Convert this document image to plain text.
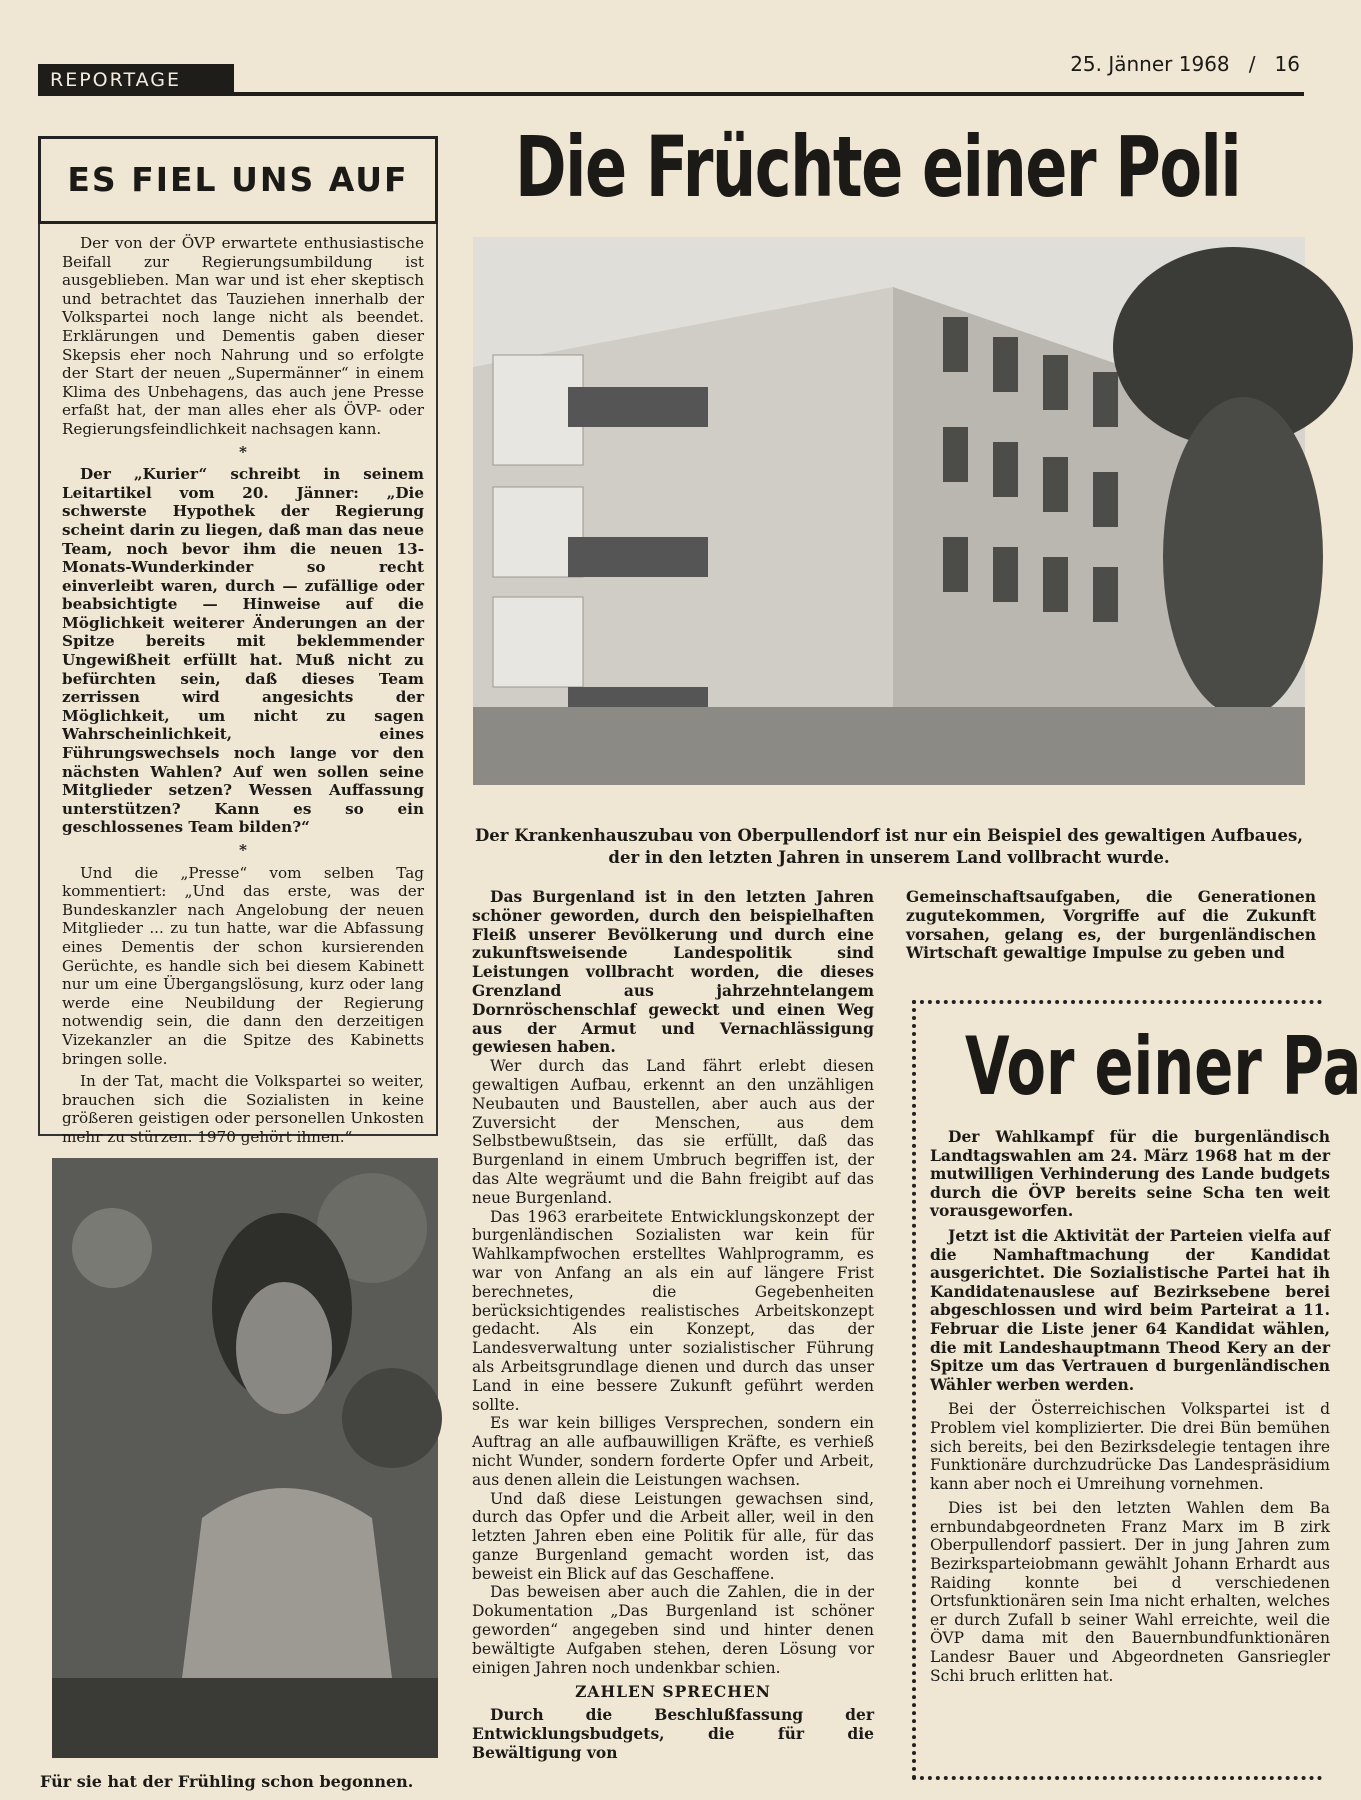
REPORTAGE
25. Jänner 1968 / 16
ES FIEL UNS AUF

Der von der ÖVP erwartete enthusiastische Beifall zur Regierungsumbildung ist ausgeblieben. Man war und ist eher skeptisch und betrachtet das Tauziehen innerhalb der Volkspartei noch lange nicht als beendet. Erklärungen und Dementis gaben dieser Skepsis eher noch Nahrung und so erfolgte der Start der neuen „Supermänner“ in einem Klima des Unbehagens, das auch jene Presse erfaßt hat, der man alles eher als ÖVP- oder Regierungsfeindlichkeit nachsagen kann.

*

Der „Kurier“ schreibt in seinem Leitartikel vom 20. Jänner: „Die schwerste Hypothek der Regierung scheint darin zu liegen, daß man das neue Team, noch bevor ihm die neuen 13-Monats-Wunderkinder so recht einverleibt waren, durch — zufällige oder beabsichtigte — Hinweise auf die Möglichkeit weiterer Änderungen an der Spitze bereits mit beklemmender Ungewißheit erfüllt hat. Muß nicht zu befürchten sein, daß dieses Team zerrissen wird angesichts der Möglichkeit, um nicht zu sagen Wahrscheinlichkeit, eines Führungswechsels noch lange vor den nächsten Wahlen? Auf wen sollen seine Mitglieder setzen? Wessen Auffassung unterstützen? Kann es so ein geschlossenes Team bilden?“

*

Und die „Presse“ vom selben Tag kommentiert: „Und das erste, was der Bundeskanzler nach Angelobung der neuen Mitglieder ... zu tun hatte, war die Abfassung eines Dementis der schon kursierenden Gerüchte, es handle sich bei diesem Kabinett nur um eine Übergangslösung, kurz oder lang werde eine Neubildung der Regierung notwendig sein, die dann den derzeitigen Vizekanzler an die Spitze des Kabinetts bringen solle.

In der Tat, macht die Volkspartei so weiter, brauchen sich die Sozialisten in keine größeren geistigen oder personellen Unkosten mehr zu stürzen. 1970 gehört ihnen.“

Die Früchte einer Poli
Der Krankenhauszubau von Oberpullendorf ist nur ein Beispiel des gewaltigen Aufbaues, der in den letzten Jahren in unserem Land vollbracht wurde.

Das Burgenland ist in den letzten Jahren schöner geworden, durch den beispielhaften Fleiß unserer Bevölkerung und durch eine zukunftsweisende Landespolitik sind Leistungen vollbracht worden, die dieses Grenzland aus jahrzehntelangem Dornröschenschlaf geweckt und einen Weg aus der Armut und Vernachlässigung gewiesen haben.

Wer durch das Land fährt erlebt diesen gewaltigen Aufbau, erkennt an den unzähligen Neubauten und Baustellen, aber auch aus der Zuversicht der Menschen, aus dem Selbstbewußtsein, das sie erfüllt, daß das Burgenland in einem Umbruch begriffen ist, der das Alte wegräumt und die Bahn freigibt auf das neue Burgenland.

Das 1963 erarbeitete Entwicklungskonzept der burgenländischen Sozialisten war kein für Wahlkampfwochen erstelltes Wahlprogramm, es war von Anfang an als ein auf längere Frist berechnetes, die Gegebenheiten berücksichtigendes realistisches Arbeitskonzept gedacht. Als ein Konzept, das der Landesverwaltung unter sozialistischer Führung als Arbeitsgrundlage dienen und durch das unser Land in eine bessere Zukunft geführt werden sollte.

Es war kein billiges Versprechen, sondern ein Auftrag an alle aufbauwilligen Kräfte, es verhieß nicht Wunder, sondern forderte Opfer und Arbeit, aus denen allein die Leistungen wachsen.

Und daß diese Leistungen gewachsen sind, durch das Opfer und die Arbeit aller, weil in den letzten Jahren eben eine Politik für alle, für das ganze Burgenland gemacht worden ist, das beweist ein Blick auf das Geschaffene.

Das beweisen aber auch die Zahlen, die in der Dokumentation „Das Burgenland ist schöner geworden“ angegeben sind und hinter denen bewältigte Aufgaben stehen, deren Lösung vor einigen Jahren noch undenkbar schien.

ZAHLEN SPRECHEN

Durch die Beschlußfassung der Entwicklungsbudgets, die für die Bewältigung von

Gemeinschaftsaufgaben, die Generationen zugutekommen, Vorgriffe auf die Zukunft vorsahen, gelang es, der burgenländischen Wirtschaft gewaltige Impulse zu geben und

Für sie hat der Frühling schon begonnen.
Vor einer Pa

Der Wahlkampf für die burgenländisch Landtagswahlen am 24. März 1968 hat m der mutwilligen Verhinderung des Lande budgets durch die ÖVP bereits seine Scha ten weit vorausgeworfen.

Jetzt ist die Aktivität der Parteien vielfa auf die Namhaftmachung der Kandidat ausgerichtet. Die Sozialistische Partei hat ih Kandidatenauslese auf Bezirksebene berei abgeschlossen und wird beim Parteirat a 11. Februar die Liste jener 64 Kandidat wählen, die mit Landeshauptmann Theod Kery an der Spitze um das Vertrauen d burgenländischen Wähler werben werden.

Bei der Österreichischen Volkspartei ist d Problem viel komplizierter. Die drei Bün bemühen sich bereits, bei den Bezirksdelegie tentagen ihre Funktionäre durchzudrücke Das Landespräsidium kann aber noch ei Umreihung vornehmen.

Dies ist bei den letzten Wahlen dem Ba ernbundabgeordneten Franz Marx im B zirk Oberpullendorf passiert. Der in jung Jahren zum Bezirksparteiobmann gewählt Johann Erhardt aus Raiding konnte bei d verschiedenen Ortsfunktionären sein Ima nicht erhalten, welches er durch Zufall b seiner Wahl erreichte, weil die ÖVP dama mit den Bauernbundfunktionären Landesr Bauer und Abgeordneten Gansriegler Schi bruch erlitten hat.
